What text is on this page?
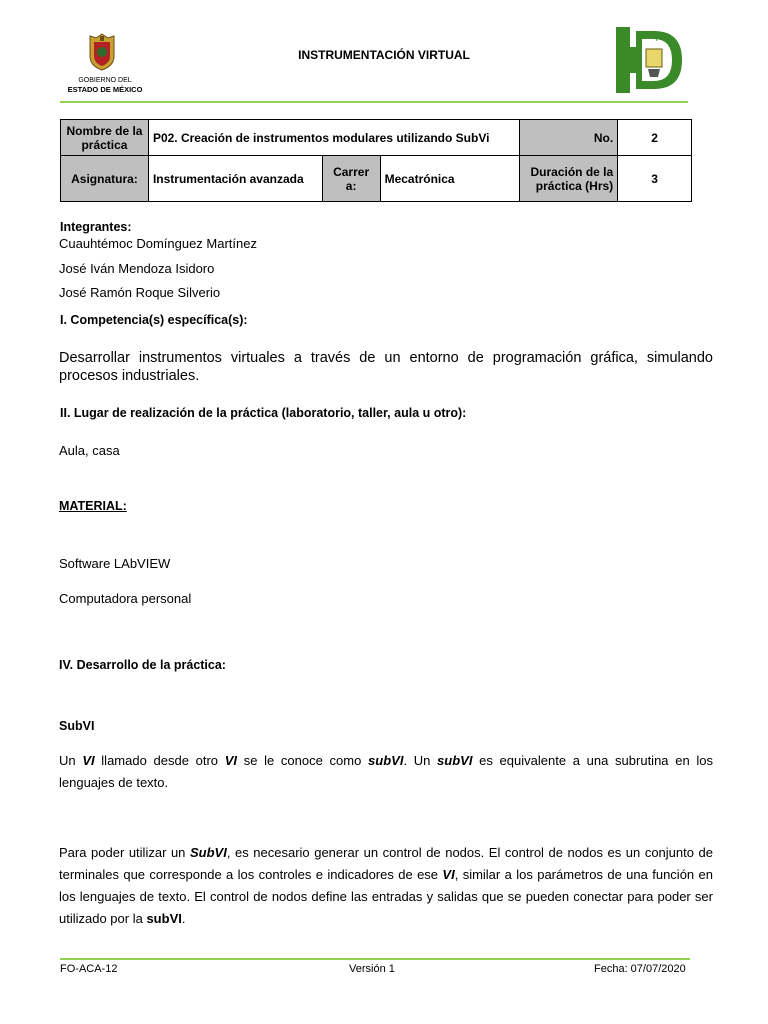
GOBIERNO DEL
ESTADO DE MÉXICO
INSTRUMENTACIÓN VIRTUAL
T
E
S
I
Nombre de la práctica	P02. Creación de instrumentos modulares utilizando SubVi			No.	2
Asignatura:	Instrumentación avanzada	Carrer a:	Mecatrónica	Duración de la práctica (Hrs)	3
Integrantes:
Cuauhtémoc Domínguez Martínez
José Iván Mendoza Isidoro
José Ramón Roque Silverio
I. Competencia(s) específica(s):
Desarrollar instrumentos virtuales a través de un entorno de programación gráfica, simulando procesos industriales.
II. Lugar de realización de la práctica (laboratorio, taller, aula u otro):
Aula, casa
MATERIAL:
Software LAbVIEW
Computadora personal
IV. Desarrollo de la práctica:
SubVI
Un VI llamado desde otro VI se le conoce como subVI. Un subVI es equivalente a una subrutina en los lenguajes de texto.
Para poder utilizar un SubVI, es necesario generar un control de nodos. El control de nodos es un conjunto de terminales que corresponde a los controles e indicadores de ese VI, similar a los parámetros de una función en los lenguajes de texto. El control de nodos define las entradas y salidas que se pueden conectar para poder ser utilizado por la subVI.
FO-ACA-12	Versión 1	Fecha: 07/07/2020
